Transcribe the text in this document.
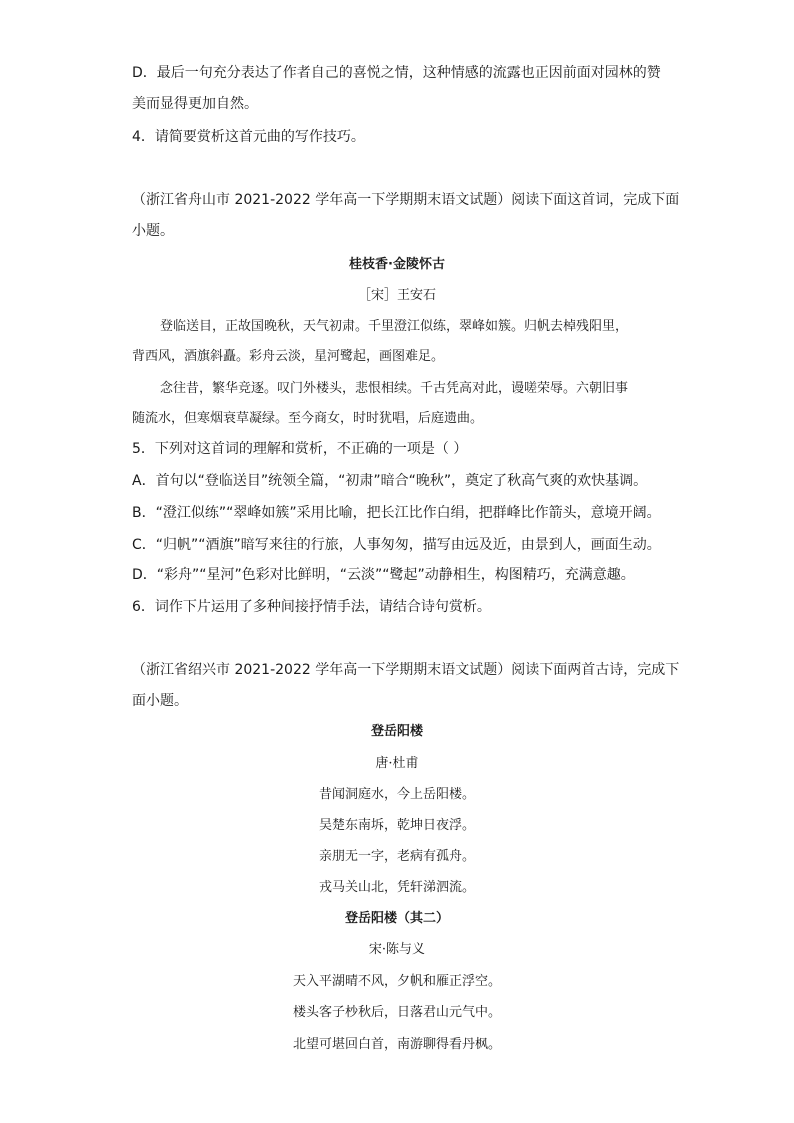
D．最后一句充分表达了作者自己的喜悦之情，这种情感的流露也正因前面对园林的赞
美而显得更加自然。
4．请简要赏析这首元曲的写作技巧。
（浙江省舟山市 2021-2022 学年高一下学期期末语文试题）阅读下面这首词，完成下面
小题。
桂枝香·金陵怀古
［宋］王安石
登临送目，正故国晚秋，天气初肃。千里澄江似练，翠峰如簇。归帆去棹残阳里，
背西风，酒旗斜矗。彩舟云淡，星河鹭起，画图难足。
念往昔，繁华竞逐。叹门外楼头，悲恨相续。千古凭高对此，谩嗟荣辱。六朝旧事
随流水，但寒烟衰草凝绿。至今商女，时时犹唱，后庭遗曲。
5．下列对这首词的理解和赏析，不正确的一项是（ ）
A．首句以“登临送目”统领全篇，“初肃”暗合“晚秋”，奠定了秋高气爽的欢快基调。
B．“澄江似练”“翠峰如簇”采用比喻，把长江比作白绢，把群峰比作箭头，意境开阔。
C．“归帆”“酒旗”暗写来往的行旅，人事匆匆，描写由远及近，由景到人，画面生动。
D．“彩舟”“星河”色彩对比鲜明，“云淡”“鹭起”动静相生，构图精巧，充满意趣。
6．词作下片运用了多种间接抒情手法，请结合诗句赏析。
（浙江省绍兴市 2021-2022 学年高一下学期期末语文试题）阅读下面两首古诗，完成下
面小题。
登岳阳楼
唐·杜甫
昔闻洞庭水，今上岳阳楼。
吴楚东南坼，乾坤日夜浮。
亲朋无一字，老病有孤舟。
戎马关山北，凭轩涕泗流。
登岳阳楼（其二）
宋·陈与义
天入平湖晴不风，夕帆和雁正浮空。
楼头客子杪秋后，日落君山元气中。
北望可堪回白首，南游聊得看丹枫。
